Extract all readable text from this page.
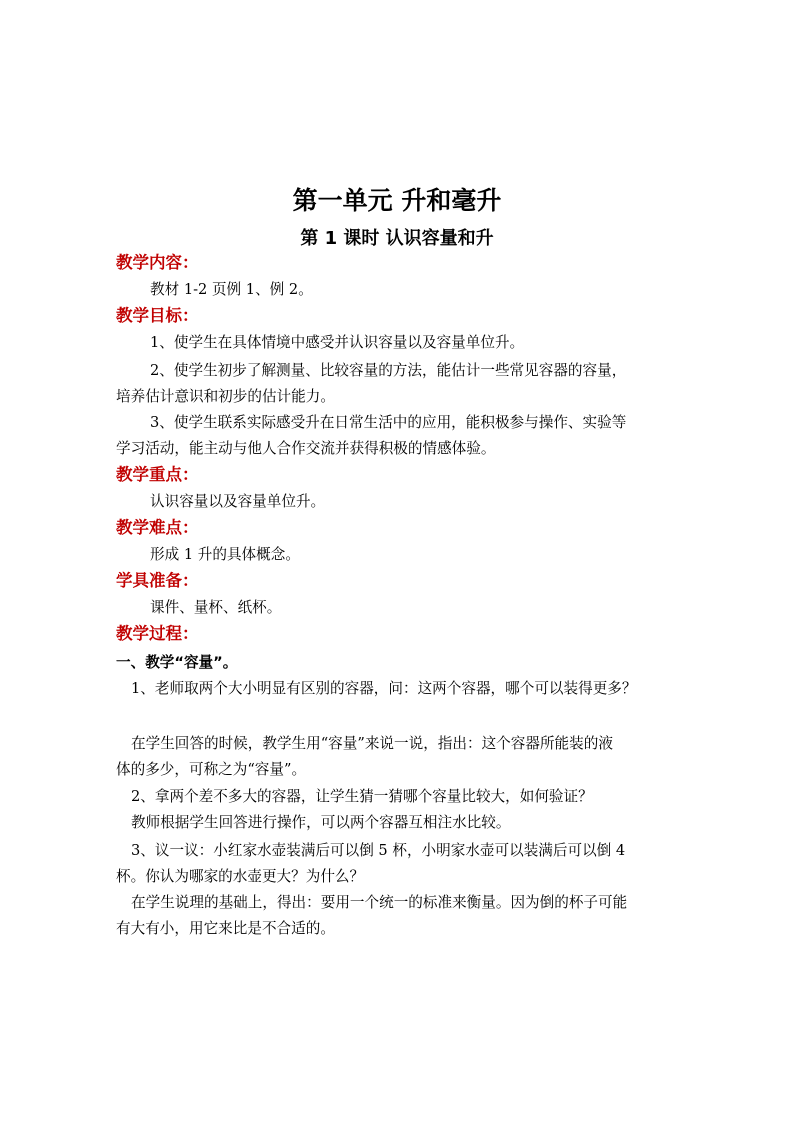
第一单元 升和毫升
第 1 课时 认识容量和升
教学内容：
教材 1-2 页例 1、例 2。
教学目标：
1、使学生在具体情境中感受并认识容量以及容量单位升。
2、使学生初步了解测量、比较容量的方法，能估计一些常见容器的容量，
培养估计意识和初步的估计能力。
3、使学生联系实际感受升在日常生活中的应用，能积极参与操作、实验等
学习活动，能主动与他人合作交流并获得积极的情感体验。
教学重点：
认识容量以及容量单位升。
教学难点：
形成 1 升的具体概念。
学具准备：
课件、量杯、纸杯。
教学过程：
一、教学“容量”。
1、老师取两个大小明显有区别的容器，问：这两个容器，哪个可以装得更多？
在学生回答的时候，教学生用“容量”来说一说，指出：这个容器所能装的液
体的多少，可称之为“容量”。
2、拿两个差不多大的容器，让学生猜一猜哪个容量比较大，如何验证？
教师根据学生回答进行操作，可以两个容器互相注水比较。
3、议一议：小红家水壶装满后可以倒 5 杯，小明家水壶可以装满后可以倒 4
杯。你认为哪家的水壶更大？为什么？
在学生说理的基础上，得出：要用一个统一的标准来衡量。因为倒的杯子可能
有大有小，用它来比是不合适的。
